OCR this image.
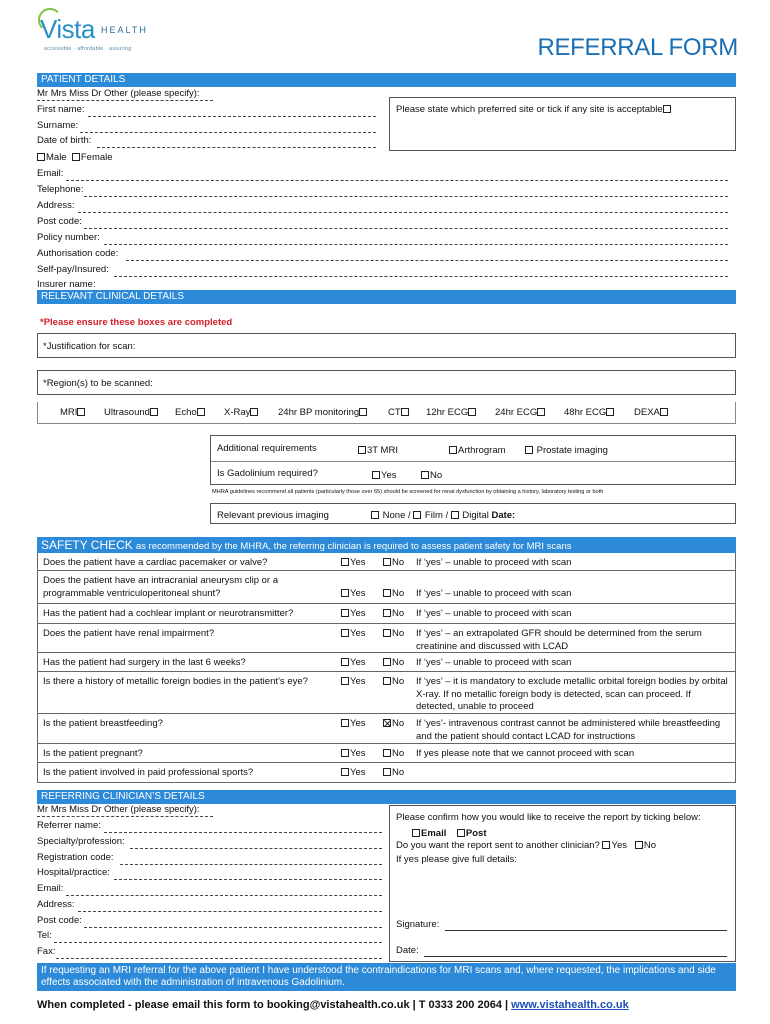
Vista HEALTH
accessible · affordable · assuring	REFERRAL FORM
PATIENT DETAILS
Mr Mrs Miss Dr Other (please specify):
First name:
Surname:
Date of birth:
Male Female
Please state which preferred site or tick if any site is acceptable
Email:
Telephone:
Address:
Post code:
Policy number:
Authorisation code:
Self-pay/Insured:
Insurer name:
RELEVANT CLINICAL DETAILS
*Please ensure these boxes are completed
*Justification for scan:
*Region(s) to be scanned:
MRI	Ultrasound	Echo	X-Ray	24hr BP monitoring	CT	12hr ECG	24hr ECG	48hr ECG	DEXA
Additional requirements	3T MRI	Arthrogram	Prostate imaging
Is Gadolinium required?	Yes	No
MHRA guidelines recommend all patients (particularly those over 65) should be screened for renal dysfunction by obtaining a history, laboratory testing or both
Relevant previous imaging	None / Film / Digital Date:
SAFETY CHECK as recommended by the MHRA, the referring clinician is required to assess patient safety for MRI scans
Does the patient have a cardiac pacemaker or valve?	Yes	No If ‘yes’ – unable to proceed with scan
Does the patient have an intracranial aneurysm clip or a programmable ventriculoperitoneal shunt?	Yes	No If ‘yes’ – unable to proceed with scan
Has the patient had a cochlear implant or neurotransmitter?	Yes	No If ‘yes’ – unable to proceed with scan
Does the patient have renal impairment?	Yes	No If ‘yes’ – an extrapolated GFR should be determined from the serum creatinine and discussed with LCAD
Has the patient had surgery in the last 6 weeks?	Yes	No If ‘yes’ – unable to proceed with scan
Is there a history of metallic foreign bodies in the patient’s eye?	Yes	No If ‘yes’ – it is mandatory to exclude metallic orbital foreign bodies by orbital X-ray. If no metallic foreign body is detected, scan can proceed. If detected, unable to proceed
Is the patient breastfeeding?	Yes	No If ‘yes’- intravenous contrast cannot be administered while breastfeeding and the patient should contact LCAD for instructions
Is the patient pregnant?	Yes	No If yes please note that we cannot proceed with scan
Is the patient involved in paid professional sports?	Yes	No
REFERRING CLINICIAN’S DETAILS
Mr Mrs Miss Dr Other (please specify):
Referrer name:
Specialty/profession:
Registration code:
Hospital/practice:
Email:
Address:
Post code:
Tel:
Fax:
Please confirm how you would like to receive the report by ticking below:
Email Post
Do you want the report sent to another clinician? Yes No
If yes please give full details:
Signature:
Date:
If requesting an MRI referral for the above patient I have understood the contraindications for MRI scans and, where requested, the implications and side effects associated with the administration of intravenous Gadolinium.
When completed - please email this form to booking@vistahealth.co.uk | T 0333 200 2064 | www.vistahealth.co.uk
